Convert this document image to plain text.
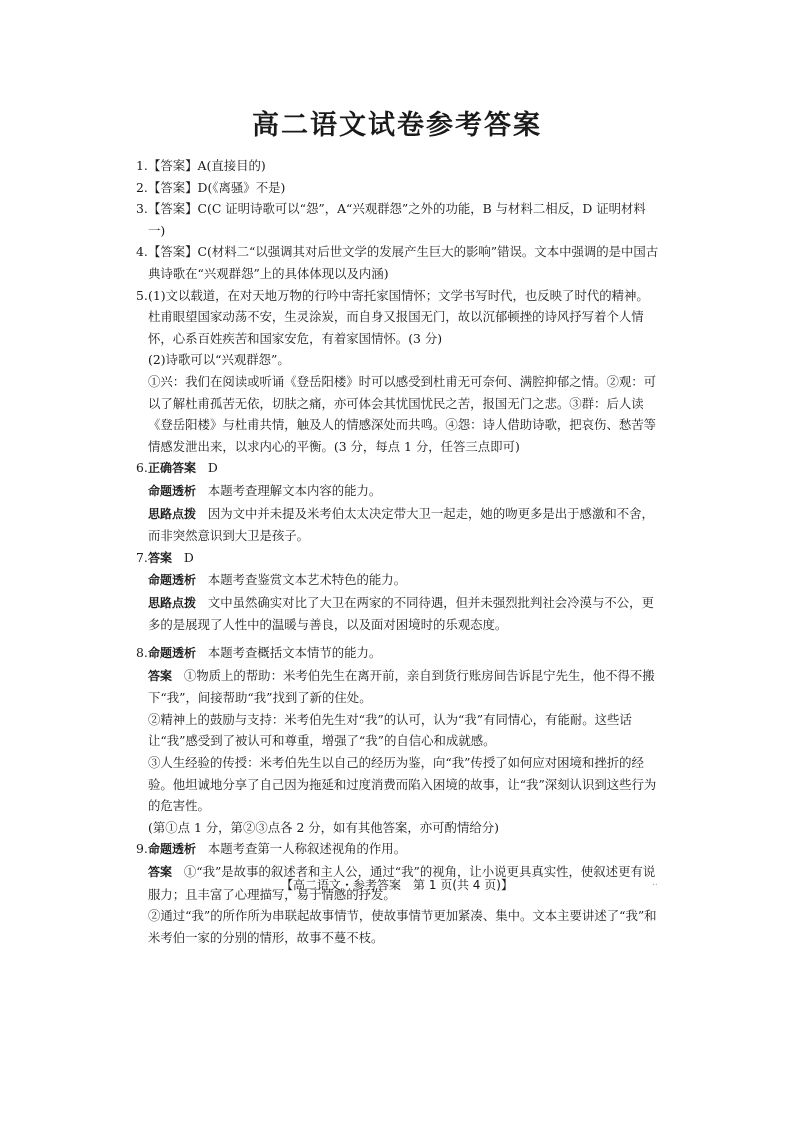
高二语文试卷参考答案
1. 【答案】A(直接目的)

2. 【答案】D(《离骚》不是)

3. 【答案】C(C 证明诗歌可以“怨”，A“兴观群怨”之外的功能，B 与材料二相反，D 证明材料一)

4. 【答案】C(材料二“以强调其对后世文学的发展产生巨大的影响”错误。文本中强调的是中国古典诗歌在“兴观群怨”上的具体体现以及内涵)

5. (1)文以载道，在对天地万物的行吟中寄托家国情怀；文学书写时代，也反映了时代的精神。杜甫眼望国家动荡不安，生灵涂炭，而自身又报国无门，故以沉郁顿挫的诗风抒写着个人情怀，心系百姓疾苦和国家安危，有着家国情怀。(3 分)

(2)诗歌可以“兴观群怨”。

①兴：我们在阅读或听诵《登岳阳楼》时可以感受到杜甫无可奈何、满腔抑郁之情。②观：可以了解杜甫孤苦无依，切肤之痛，亦可体会其忧国忧民之苦，报国无门之悲。③群：后人读《登岳阳楼》与杜甫共情，触及人的情感深处而共鸣。④怨：诗人借助诗歌，把哀伤、愁苦等情感发泄出来，以求内心的平衡。(3 分，每点 1 分，任答三点即可)

6. 正确答案 D

命题透析 本题考查理解文本内容的能力。

思路点拨 因为文中并未提及米考伯太太决定带大卫一起走，她的吻更多是出于感激和不舍，而非突然意识到大卫是孩子。

7. 答案 D

命题透析 本题考查鉴赏文本艺术特色的能力。

思路点拨 文中虽然确实对比了大卫在两家的不同待遇，但并未强烈批判社会冷漠与不公，更多的是展现了人性中的温暖与善良，以及面对困境时的乐观态度。

8. 命题透析 本题考查概括文本情节的能力。

答案 ①物质上的帮助：米考伯先生在离开前，亲自到货行账房间告诉昆宁先生，他不得不搬下“我”，间接帮助“我”找到了新的住处。

②精神上的鼓励与支持：米考伯先生对“我”的认可，认为“我”有同情心，有能耐。这些话让“我”感受到了被认可和尊重，增强了“我”的自信心和成就感。

③人生经验的传授：米考伯先生以自己的经历为鉴，向“我”传授了如何应对困境和挫折的经验。他坦诚地分享了自己因为拖延和过度消费而陷入困境的故事，让“我”深刻认识到这些行为的危害性。

(第①点 1 分，第②③点各 2 分，如有其他答案，亦可酌情给分)

9. 命题透析 本题考查第一人称叙述视角的作用。

答案 ①“我”是故事的叙述者和主人公，通过“我”的视角，让小说更具真实性，使叙述更有说服力；且丰富了心理描写，易于情感的抒发。

②通过“我”的所作所为串联起故事情节，使故事情节更加紧凑、集中。文本主要讲述了“我”和米考伯一家的分别的情形，故事不蔓不枝。

【高二语文・参考答案　第 1 页(共 4 页)】	..
